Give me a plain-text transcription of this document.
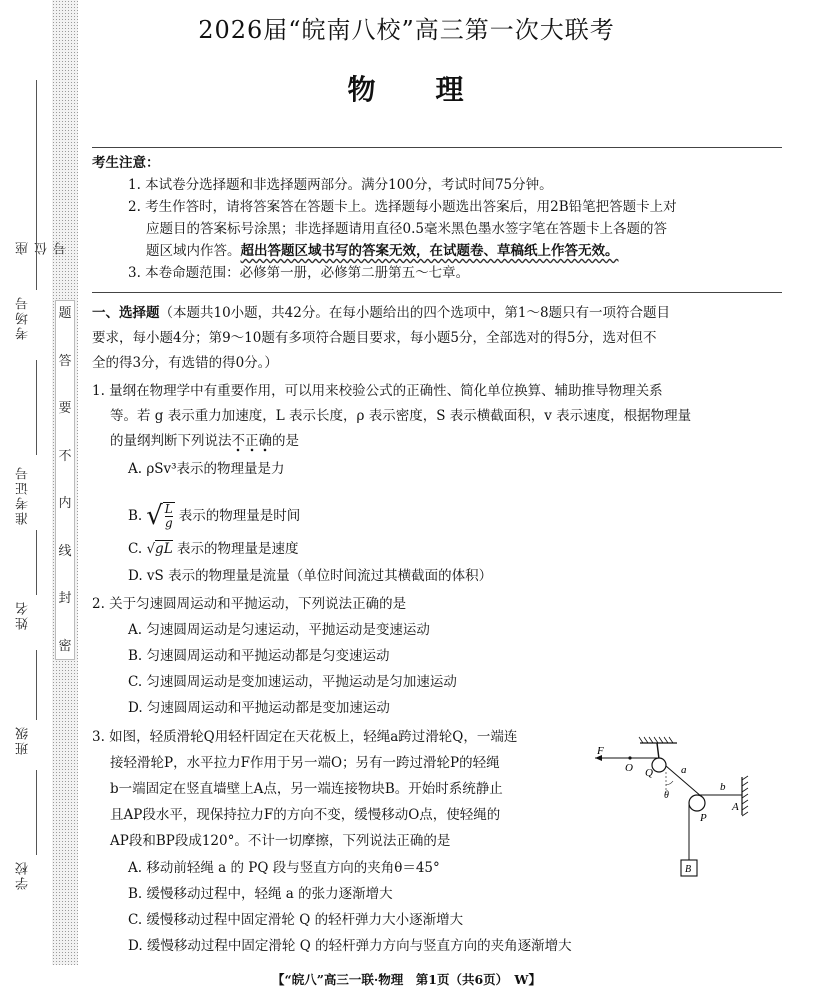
题
答
要
不
内
线
封
密
座位号
考场号
准考证号
姓名
班级
学校
2026届“皖南八校”高三第一次大联考
物 理
考生注意：
1. 本试卷分选择题和非选择题两部分。满分100分，考试时间75分钟。
2. 考生作答时，请将答案答在答题卡上。选择题每小题选出答案后，用2B铅笔把答题卡上对
应题目的答案标号涂黑；非选择题请用直径0.5毫米黑色墨水签字笔在答题卡上各题的答
题区域内作答。超出答题区域书写的答案无效，在试题卷、草稿纸上作答无效。
3. 本卷命题范围：必修第一册，必修第二册第五～七章。
一、选择题（本题共10小题，共42分。在每小题给出的四个选项中，第1～8题只有一项符合题目
要求，每小题4分；第9～10题有多项符合题目要求，每小题5分，全部选对的得5分，选对但不
全的得3分，有选错的得0分。）
1. 量纲在物理学中有重要作用，可以用来校验公式的正确性、简化单位换算、辅助推导物理关系
等。若 g 表示重力加速度，L 表示长度，ρ 表示密度，S 表示横截面积，v 表示速度，根据物理量
的量纲判断下列说法不正确的是
A. ρSv³表示的物理量是力
B. √ $\frac{L}{g}$ 表示的物理量是时间
C. √gL 表示的物理量是速度
D. vS 表示的物理量是流量（单位时间流过其横截面的体积）
2. 关于匀速圆周运动和平抛运动，下列说法正确的是
A. 匀速圆周运动是匀速运动，平抛运动是变速运动
B. 匀速圆周运动和平抛运动都是匀变速运动
C. 匀速圆周运动是变加速运动，平抛运动是匀加速运动
D. 匀速圆周运动和平抛运动都是变加速运动
3. 如图，轻质滑轮Q用轻杆固定在天花板上，轻绳a跨过滑轮Q，一端连
接轻滑轮P，水平拉力F作用于另一端O；另有一跨过滑轮P的轻绳
b一端固定在竖直墙壁上A点，另一端连接物块B。开始时系统静止
且AP段水平，现保持拉力F的方向不变，缓慢移动O点，使轻绳的
AP段和BP段成120°。不计一切摩擦，下列说法正确的是
A. 移动前轻绳 a 的 PQ 段与竖直方向的夹角θ＝45°
B. 缓慢移动过程中，轻绳 a 的张力逐渐增大
C. 缓慢移动过程中固定滑轮 Q 的轻杆弹力大小逐渐增大
D. 缓慢移动过程中固定滑轮 Q 的轻杆弹力方向与竖直方向的夹角逐渐增大
F
O Q	a
θ
b
A
P
B
【“皖八”高三一联·物理　第1页（共6页）　W】
